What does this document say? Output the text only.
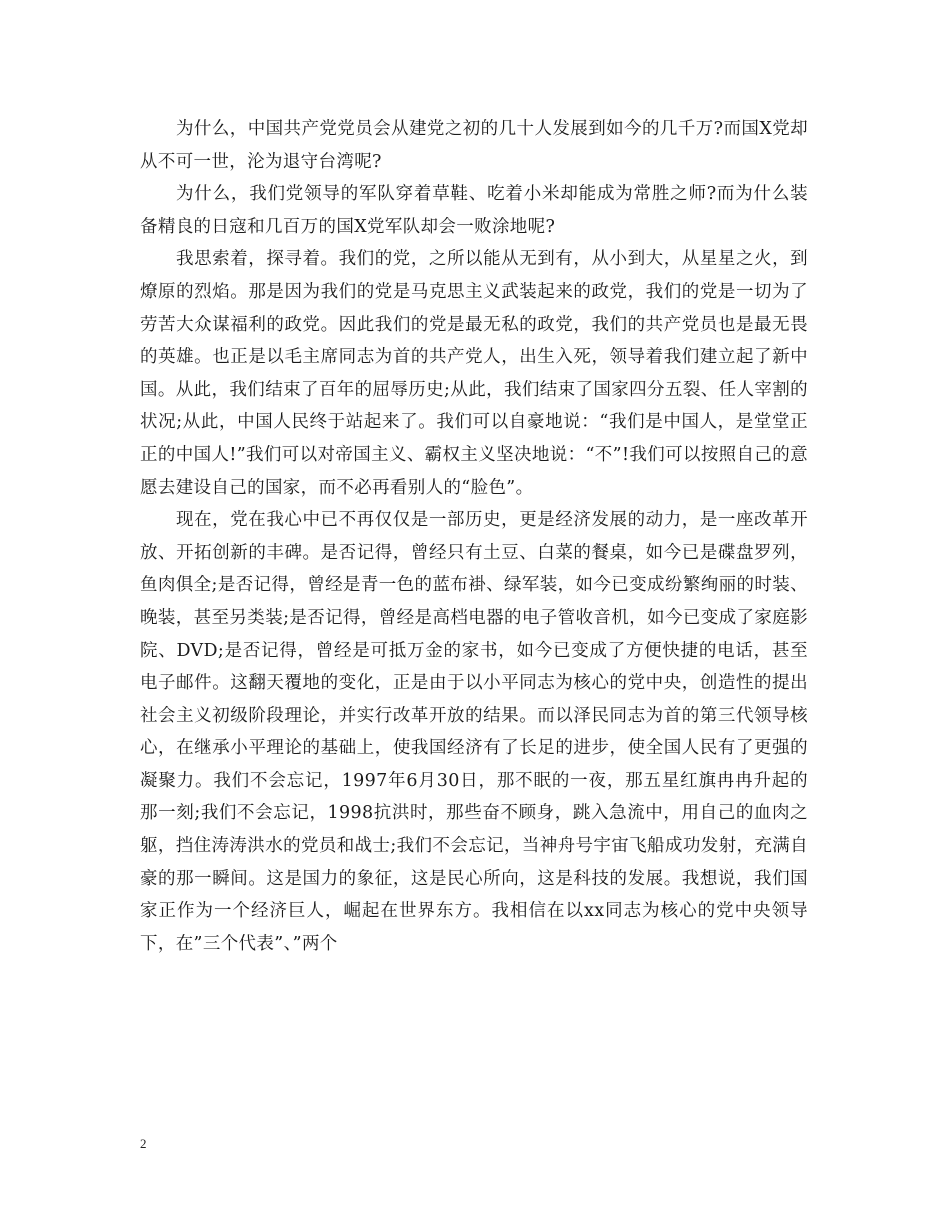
为什么，中国共产党党员会从建党之初的几十人发展到如今的几千万?而国X党却从不可一世，沦为退守台湾呢?

为什么，我们党领导的军队穿着草鞋、吃着小米却能成为常胜之师?而为什么装备精良的日寇和几百万的国X党军队却会一败涂地呢?

我思索着，探寻着。我们的党，之所以能从无到有，从小到大，从星星之火，到燎原的烈焰。那是因为我们的党是马克思主义武装起来的政党，我们的党是一切为了劳苦大众谋福利的政党。因此我们的党是最无私的政党，我们的共产党员也是最无畏的英雄。也正是以毛主席同志为首的共产党人，出生入死，领导着我们建立起了新中国。从此，我们结束了百年的屈辱历史;从此，我们结束了国家四分五裂、任人宰割的状况;从此，中国人民终于站起来了。我们可以自豪地说：“我们是中国人，是堂堂正正的中国人!”我们可以对帝国主义、霸权主义坚决地说：“不”!我们可以按照自己的意愿去建设自己的国家，而不必再看别人的“脸色”。

现在，党在我心中已不再仅仅是一部历史，更是经济发展的动力，是一座改革开放、开拓创新的丰碑。是否记得，曾经只有土豆、白菜的餐桌，如今已是碟盘罗列，鱼肉俱全;是否记得，曾经是青一色的蓝布褂、绿军装，如今已变成纷繁绚丽的时装、晚装，甚至另类装;是否记得，曾经是高档电器的电子管收音机，如今已变成了家庭影院、DVD;是否记得，曾经是可抵万金的家书，如今已变成了方便快捷的电话，甚至电子邮件。这翻天覆地的变化，正是由于以小平同志为核心的党中央，创造性的提出社会主义初级阶段理论，并实行改革开放的结果。而以泽民同志为首的第三代领导核心，在继承小平理论的基础上，使我国经济有了长足的进步，使全国人民有了更强的凝聚力。我们不会忘记，1997年6月30日，那不眠的一夜，那五星红旗冉冉升起的那一刻;我们不会忘记，1998抗洪时，那些奋不顾身，跳入急流中，用自己的血肉之躯，挡住涛涛洪水的党员和战士;我们不会忘记，当神舟号宇宙飞船成功发射，充满自豪的那一瞬间。这是国力的象征，这是民心所向，这是科技的发展。我想说，我们国家正作为一个经济巨人，崛起在世界东方。我相信在以xx同志为核心的党中央领导下，在”三个代表”、”两个

2
